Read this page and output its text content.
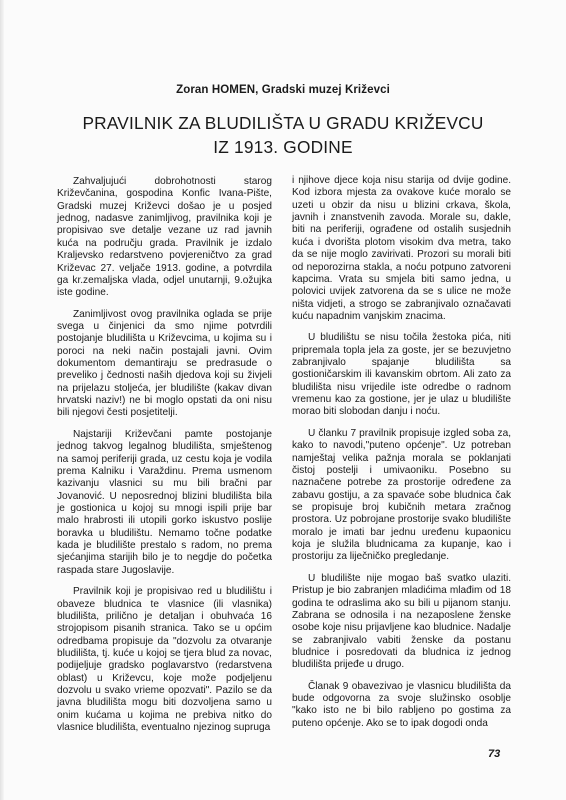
Zoran HOMEN, Gradski muzej Križevci
PRAVILNIK ZA BLUDILIŠTA U GRADU KRIŽEVCU
IZ 1913. GODINE

Zahvaljujući dobrohotnosti starog Križevčanina, gospodina Konfic Ivana-Pište, Gradski muzej Križevci došao je u posjed jednog, nadasve zanimljivog, pravilnika koji je propisivao sve detalje vezane uz rad javnih kuća na području grada. Pravilnik je izdalo Kraljevsko redarstveno povjereničtvo za grad Križevac 27. veljače 1913. godine, a potvrdila ga kr.zemaljska vlada, odjel unutarnji, 9.ožujka iste godine.

Zanimljivost ovog pravilnika oglada se prije svega u činjenici da smo njime potvrdili postojanje bludilišta u Križevcima, u kojima su i poroci na neki način postajali javni. Ovim dokumentom demantiraju se predrasude o preveliko j čednosti naših djedova koji su živjeli na prijelazu stoljeća, jer bludilište (kakav divan hrvatski naziv!) ne bi moglo opstati da oni nisu bili njegovi česti posjetitelji.

Najstariji Križevčani pamte postojanje jednog takvog legalnog bludilišta, smještenog na samoj periferiji grada, uz cestu koja je vodila prema Kalniku i Varaždinu. Prema usmenom kazivanju vlasnici su mu bili bračni par Jovanović. U neposrednoj blizini bludilišta bila je gostionica u kojoj su mnogi ispili prije bar malo hrabrosti ili utopili gorko iskustvo poslije boravka u bludilištu. Nemamo točne podatke kada je bludilište prestalo s radom, no prema sjećanjima starijih bilo je to negdje do početka raspada stare Jugoslavije.

Pravilnik koji je propisivao red u bludilištu i obaveze bludnica te vlasnice (ili vlasnika) bludilišta, prilično je detaljan i obuhvaća 16 strojopisom pisanih stranica. Tako se u općim odredbama propisuje da "dozvolu za otvaranje bludilišta, tj. kuće u kojoj se tjera blud za novac, podijeljuje gradsko poglavarstvo (redarstvena oblast) u Križevcu, koje može podjeljenu dozvolu u svako vrieme opozvati". Pazilo se da javna bludilišta mogu biti dozvoljena samo u onim kućama u kojima ne prebiva nitko do vlasnice bludilišta, eventualno njezinog supruga

i njihove djece koja nisu starija od dvije godine. Kod izbora mjesta za ovakove kuće moralo se uzeti u obzir da nisu u blizini crkava, škola, javnih i znanstvenih zavoda. Morale su, dakle, biti na periferiji, ograđene od ostalih susjednih kuća i dvorišta plotom visokim dva metra, tako da se nije moglo zavirivati. Prozori su morali biti od neporozirna stakla, a noću potpuno zatvoreni kapcima. Vrata su smjela biti samo jedna, u polovici uvijek zatvorena da se s ulice ne može ništa vidjeti, a strogo se zabranjivalo označavati kuću napadnim vanjskim znacima.

U bludilištu se nisu točila žestoka pića, niti pripremala topla jela za goste, jer se bezuvjetno zabranjivalo spajanje bludilišta sa gostioničarskim ili kavanskim obrtom. Ali zato za bludilišta nisu vrijedile iste odredbe o radnom vremenu kao za gostione, jer je ulaz u bludilište morao biti slobodan danju i noću.

U članku 7 pravilnik propisuje izgled soba za, kako to navodi,"puteno općenje". Uz potreban namještaj velika pažnja morala se poklanjati čistoj postelji i umivaoniku. Posebno su naznačene potrebe za prostorije određene za zabavu gostiju, a za spavaće sobe bludnica čak se propisuje broj kubičnih metara zračnog prostora. Uz pobrojane prostorije svako bludilište moralo je imati bar jednu uređenu kupaonicu koja je služila bludnicama za kupanje, kao i prostoriju za liječničko pregledanje.

U bludilište nije mogao baš svatko ulaziti. Pristup je bio zabranjen mladićima mlađim od 18 godina te odraslima ako su bili u pijanom stanju. Zabrana se odnosila i na nezaposlene ženske osobe koje nisu prijavljene kao bludnice. Nadalje se zabranjivalo vabiti ženske da postanu bludnice i posredovati da bludnica iz jednog bludilišta prijeđe u drugo.

Članak 9 obavezivao je vlasnicu bludilišta da bude odgovorna za svoje služinsko osoblje "kako isto ne bi bilo rabljeno po gostima za puteno općenje. Ako se to ipak dogodi onda

73
